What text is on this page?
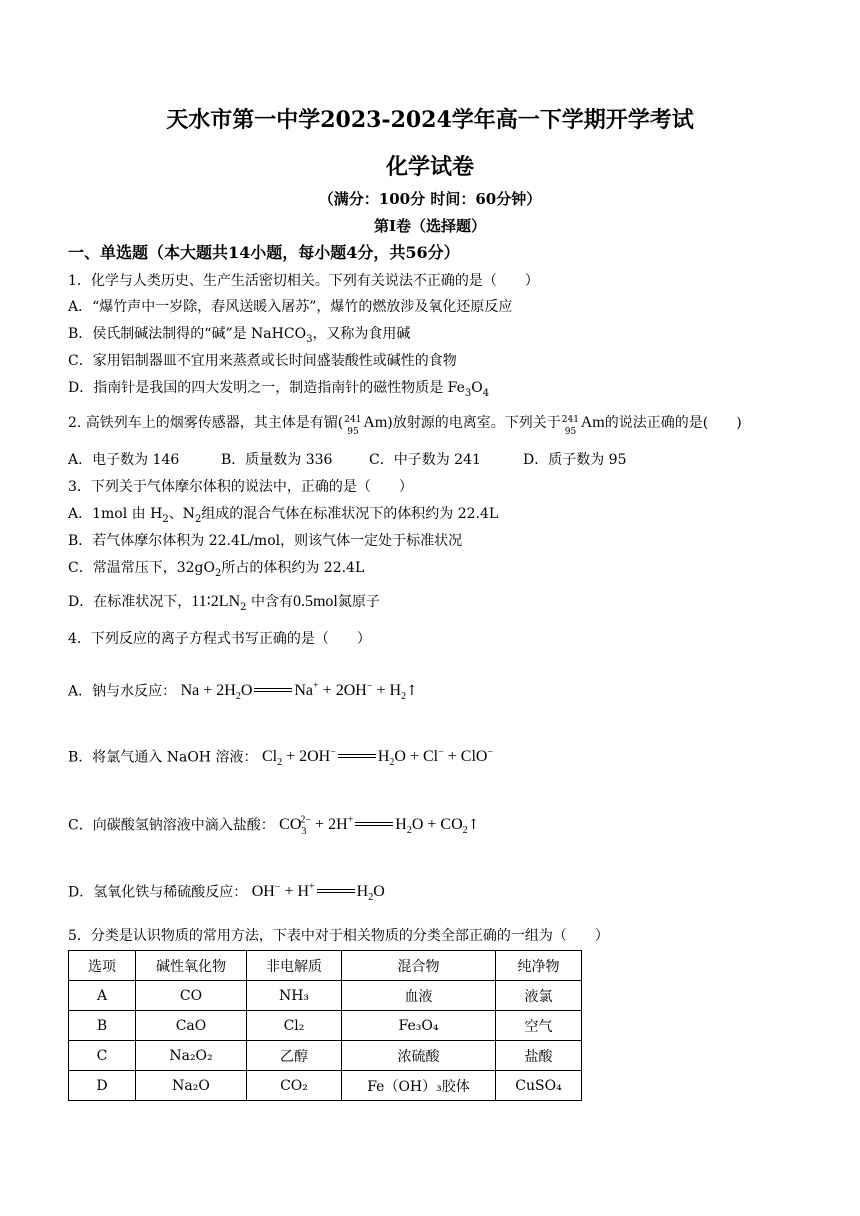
天水市第一中学2023-2024学年高一下学期开学考试
化学试卷
（满分：100分 时间：60分钟）
第I卷（选择题）
一、单选题（本大题共14小题，每小题4分，共56分）
1．化学与人类历史、生产生活密切相关。下列有关说法不正确的是（　　）
A．“爆竹声中一岁除，春风送暖入屠苏”，爆竹的燃放涉及氧化还原反应
B．侯氏制碱法制得的“碱”是 NaHCO$_3$，又称为食用碱
C．家用铝制器皿不宜用来蒸煮或长时间盛装酸性或碱性的食物
D．指南针是我国的四大发明之一，制造指南针的磁性物质是 $Fe_3O_4$
2. 高铁列车上的烟雾传感器，其主体是有镅( 241
95
Am)放射源的电离室。下列关于 241
95
Am的说法正确的是(　　)
A．电子数为 146	B．质量数为 336	C．中子数为 241	D．质子数为 95
3．下列关于气体摩尔体积的说法中，正确的是（　　）
A．1mol 由 $H_2$、$N_2$组成的混合气体在标准状况下的体积约为 22.4L
B．若气体摩尔体积为 22.4L/mol，则该气体一定处于标准状况
C．常温常压下，$32gO_2$所占的体积约为 22.4L
D．在标准状况下，$11∶2LN_2$ 中含有0.5mol氮原子
4．下列反应的离子方程式书写正确的是（　　）
A．钠与水反应： $Na + 2H_2O$	$Na^+ + 2OH^- + H_2↑$
B．将氯气通入 NaOH 溶液： $Cl_2 + 2OH^-$	$H_2O + Cl^- + ClO^-$
C．向碳酸氢钠溶液中滴入盐酸： $CO_3^{2-} + 2H^+$	$H_2O$ + $CO_2↑$
D．氢氧化铁与稀硫酸反应： OH− + H+	$H_2O$
5．分类是认识物质的常用方法，下表中对于相关物质的分类全部正确的一组为（　　）
选项	碱性氧化物	非电解质	混合物	纯净物
A	CO	NH₃	血液	液氯
B	CaO	Cl₂	Fe₃O₄	空气
C	Na₂O₂	乙醇	浓硫酸	盐酸
D	Na₂O	CO₂	Fe（OH）₃胶体	CuSO₄
